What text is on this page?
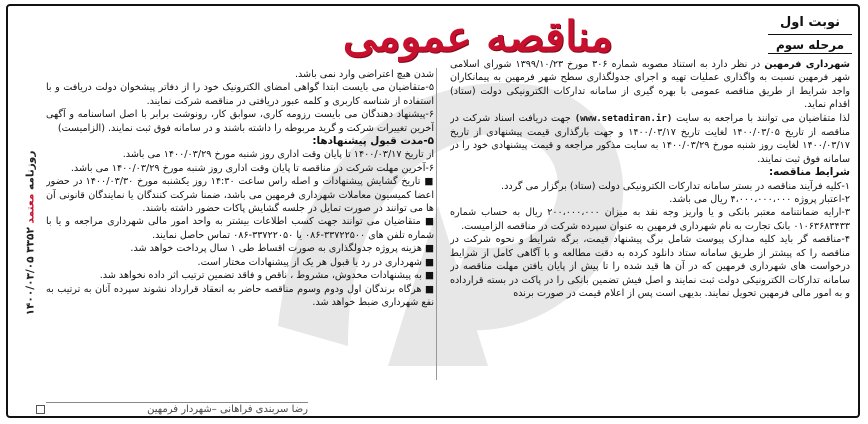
نوبت اول
مرحله سوم
مناقصه عمومی

شهرداری فرمهین در نظر دارد به استناد مصوبه شماره ۳۰۶ مورخ ۱۳۹۹/۱۰/۲۳ شورای اسلامی شهر فرمهین نسبت به واگذاری عملیات تهیه و اجرای جدولگذاری سطح شهر فرمهین به پیمانکاران واجد شرایط از طریق مناقصه عمومی با بهره گیری از سامانه تدارکات الکترونیکی دولت (ستاد) اقدام نماید.

لذا متقاضیان می توانند با مراجعه به سایت (www.setadiran.ir) جهت دریافت اسناد شرکت در مناقصه از تاریخ ۱۴۰۰/۰۳/۰۵ لغایت تاریخ ۱۴۰۰/۰۳/۱۷ و جهت بارگذاری قیمت پیشنهادی از تاریخ ۱۴۰۰/۰۳/۱۷ لغایت روز شنبه مورخ ۱۴۰۰/۰۳/۲۹ به سایت مذکور مراجعه و قیمت پیشنهادی خود را در سامانه فوق ثبت نمایند.

شرایط مناقصه:

۱-کلیه فرآیند مناقصه در بستر سامانه تدارکات الکترونیکی دولت (ستاد) برگزار می گردد.

۲-اعتبار پروژه ۴،۰۰۰،۰۰۰،۰۰۰ ریال می باشد.

۳-ارایه ضمانتنامه معتبر بانکی و یا واریز وجه نقد به میزان ۲۰۰،۰۰۰،۰۰۰ ریال به حساب شماره ۰۱۰۶۳۶۸۳۴۳۳ بانک تجارت به نام شهرداری فرمهین به عنوان سپرده شرکت در مناقصه الزامیست.

۴-مناقصه گر باید کلیه مدارک پیوست شامل برگ پیشنهاد قیمت، برگه شرایط و نحوه شرکت در مناقصه را که پیشتر از طریق سامانه ستاد دانلود کرده به دقت مطالعه و با آگاهی کامل از شرایط درخواست های شهرداری فرمهین که در آن ها قید شده را تا پیش از پایان یافتن مهلت مناقصه در سامانه تدارکات الکترونیکی دولت ثبت نمایند و اصل فیش تضمین بانکی را در پاکت در بسته قرارداده و به امور مالی فرمهین تحویل نمایند. بدیهی است پس از اعلام قیمت در صورت برنده

شدن هیچ اعتراضی وارد نمی باشد.

۵-متقاضیان می بایست ابتدا گواهی امضای الکترونیک خود را از دفاتر پیشخوان دولت دریافت و با استفاده از شناسه کاربری و کلمه عبور دریافتی در مناقصه شرکت نمایند.

۶-پیشنهاد دهندگان می بایست رزومه کاری، سوابق کار، رونوشت برابر با اصل اساسنامه و آگهی آخرین تغییرات شرکت و گرید مربوطه را داشته باشند و در سامانه فوق ثبت نمایند. (الزامیست)

۵-مدت قبول پیشنهادها:

از تاریخ ۱۴۰۰/۰۳/۱۷ تا پایان وقت اداری روز شنبه مورخ ۱۴۰۰/۰۳/۲۹ می باشد.

۶-آخرین مهلت شرکت در مناقصه تا پایان وقت اداری روز شنبه مورخ ۱۴۰۰/۰۳/۲۹ می باشد.

■ تاریخ گشایش پیشنهادات و اصله راس ساعت ۱۴:۳۰ روز یکشنبه مورخ ۱۴۰۰/۰۳/۳۰ در حضور اعضا کمیسیون معاملات شهرداری فرمهین می باشد، ضمنا شرکت کنندگان یا نمایندگان قانونی آن ها می توانند در صورت تمایل در جلسه گشایش پاکات حضور داشته باشند.

■ متقاضیان می توانند جهت کسب اطلاعات بیشتر به واحد امور مالی شهرداری مراجعه و یا با شماره تلفن های ۳۳۷۲۲۵۰۰-۰۸۶ یا ۳۳۷۲۲۰۵۰-۰۸۶ تماس حاصل نمایند.

■ هزینه پروژه جدولگذاری به صورت اقساط طی ۱ سال پرداخت خواهد شد.

■ شهرداری در رد یا قبول هر یک از پیشنهادات مختار است.

■ به پیشنهادات مخدوش، مشروط ، ناقص و فاقد تضمین ترتیب اثر داده نخواهد شد.

■ هرگاه برندگان اول ودوم وسوم مناقصه حاضر به انعقاد قرارداد نشوند سپرده آنان به ترتیب به نفع شهرداری ضبط خواهد شد.

روزنامه معتمد ۳۳۵۲ ۱۴۰۰/۰۳/۰۵
رضا سربندی فراهانی –شهردار فرمهین
